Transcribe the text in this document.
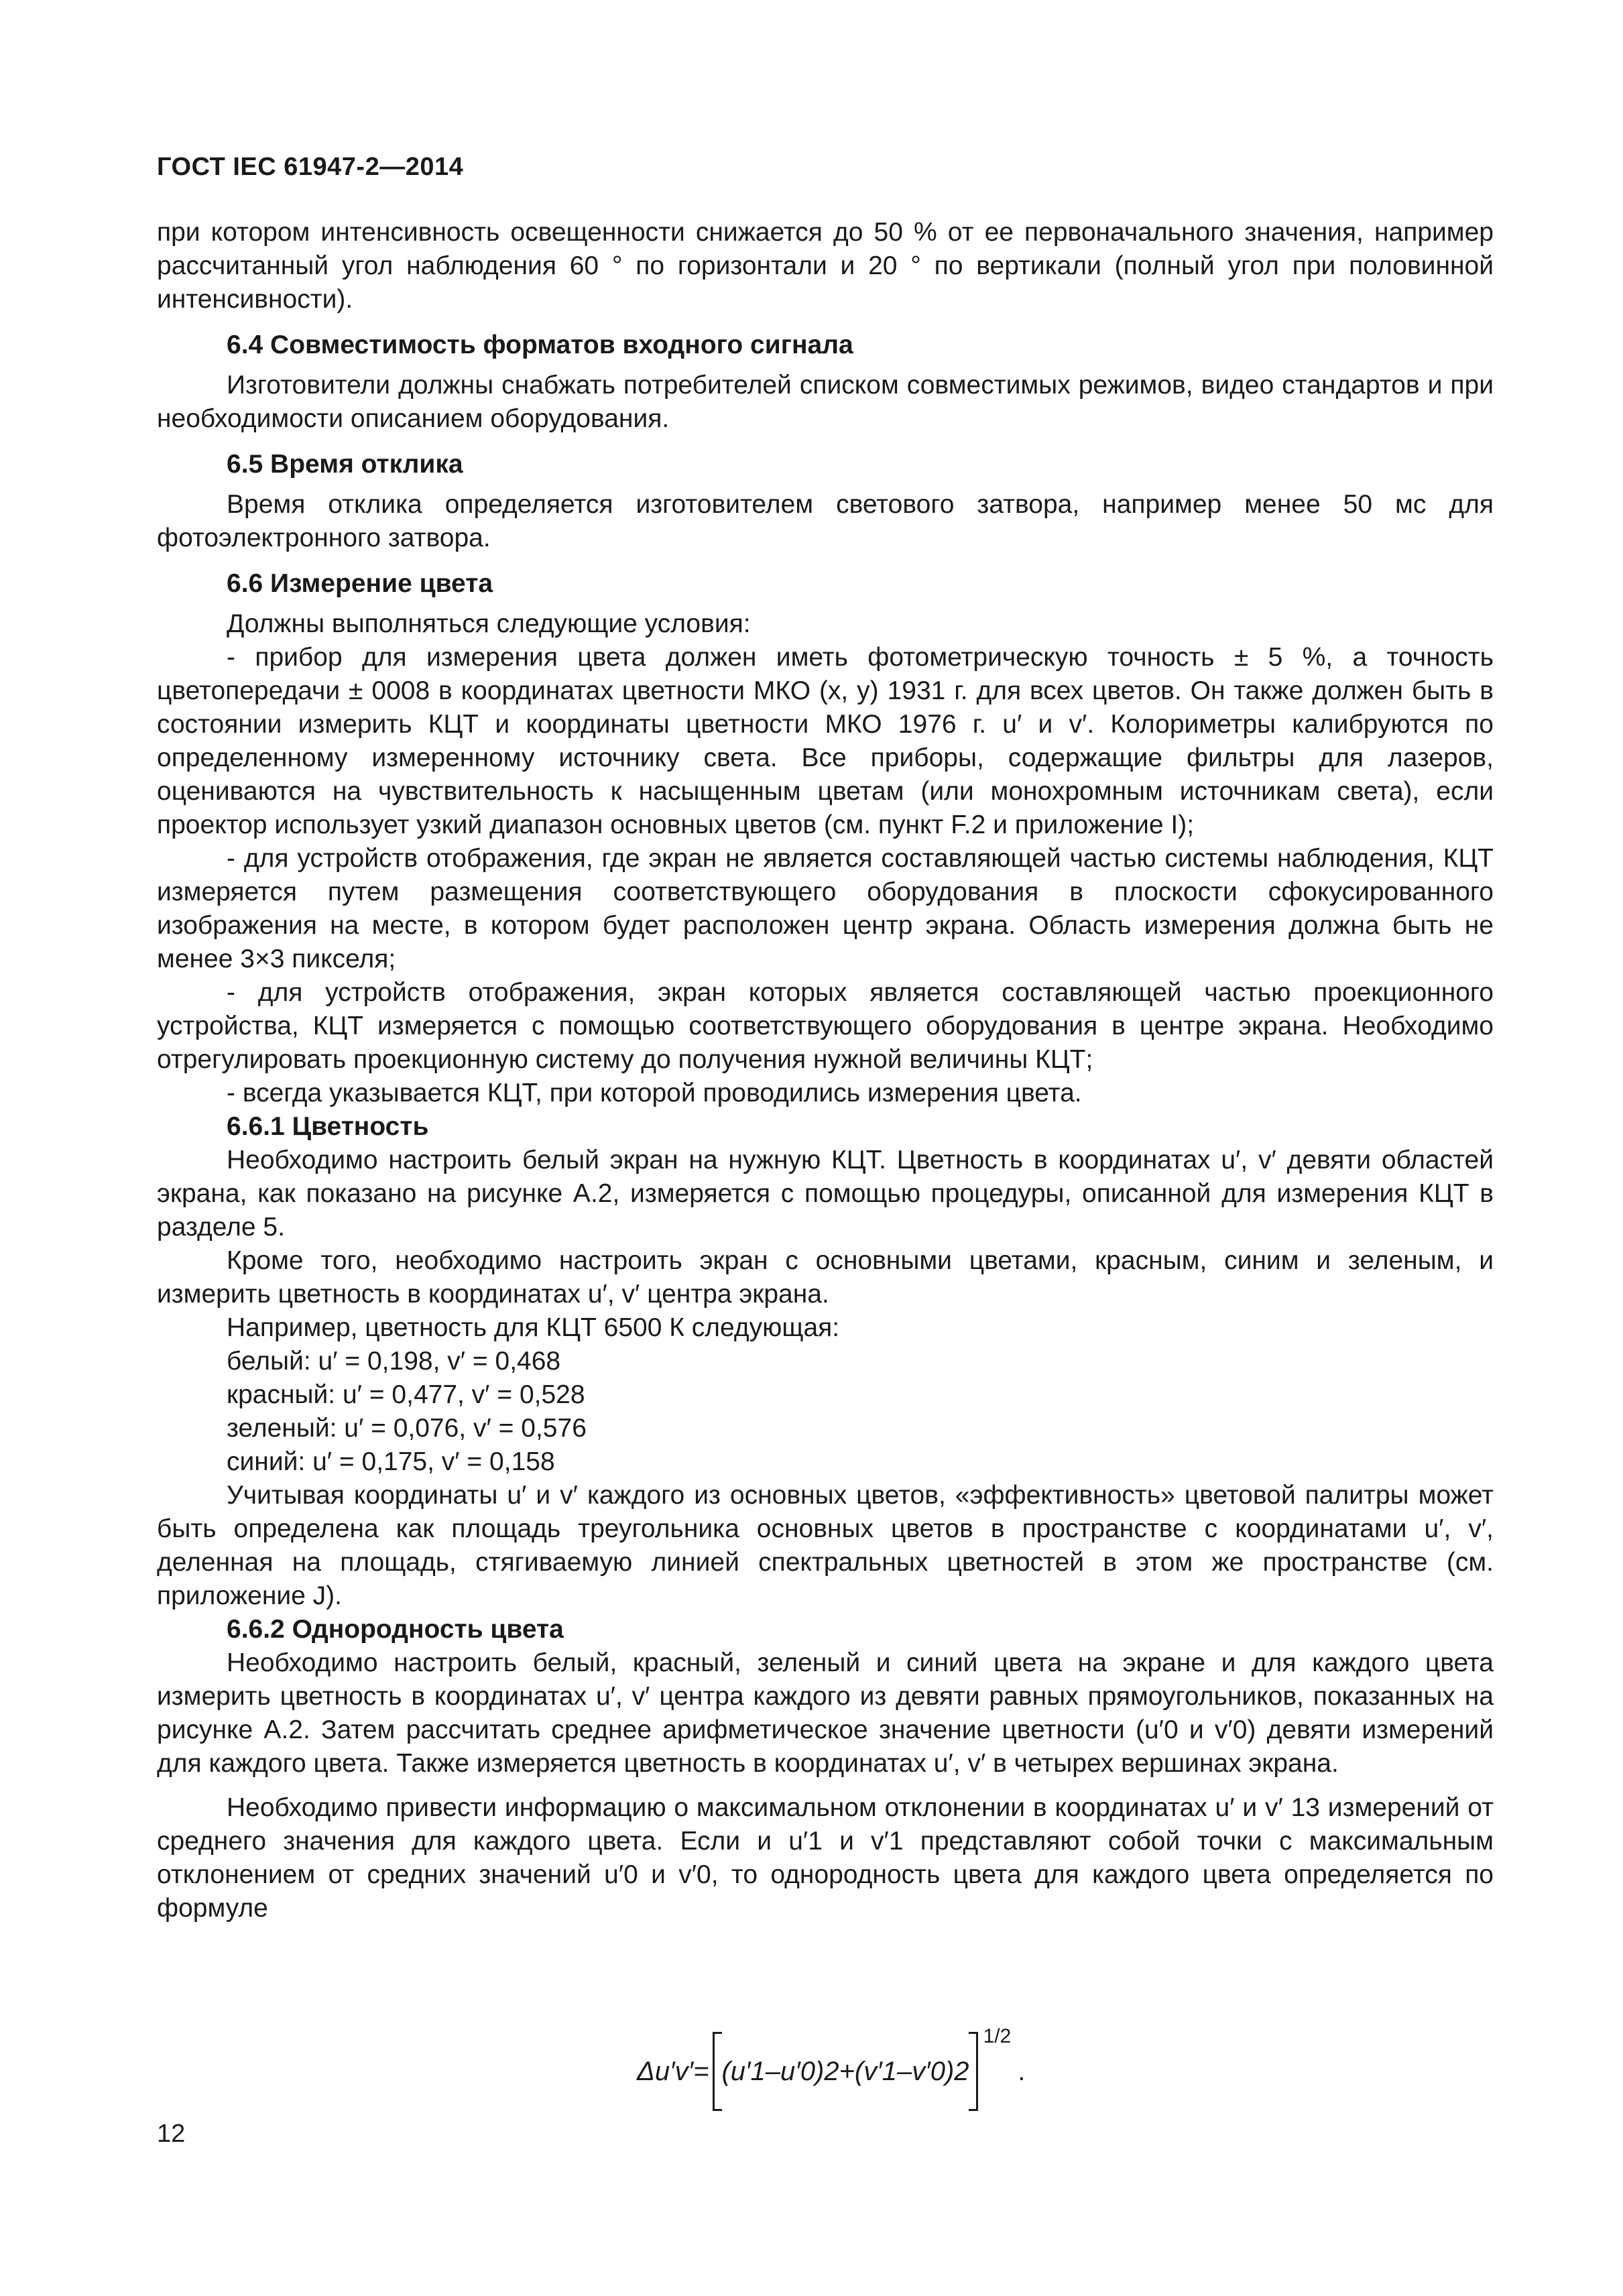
ГОСТ IEC 61947-2—2014

при котором интенсивность освещенности снижается до 50 % от ее первоначального значения, например рассчитанный угол наблюдения 60 ° по горизонтали и 20 ° по вертикали (полный угол при половинной интенсивности).

6.4 Совместимость форматов входного сигнала

Изготовители должны снабжать потребителей списком совместимых режимов, видео стандартов и при необходимости описанием оборудования.

6.5 Время отклика

Время отклика определяется изготовителем светового затвора, например менее 50 мс для фотоэлектронного затвора.

6.6 Измерение цвета

Должны выполняться следующие условия:

- прибор для измерения цвета должен иметь фотометрическую точность ± 5 %, а точность цветопередачи ± 0008 в координатах цветности МКО (x, y) 1931 г. для всех цветов. Он также должен быть в состоянии измерить КЦТ и координаты цветности МКО 1976 г. u′ и v′. Колориметры калибруются по определенному измеренному источнику света. Все приборы, содержащие фильтры для лазеров, оцениваются на чувствительность к насыщенным цветам (или монохромным источникам света), если проектор использует узкий диапазон основных цветов (см. пункт F.2 и приложение I);

- для устройств отображения, где экран не является составляющей частью системы наблюдения, КЦТ измеряется путем размещения соответствующего оборудования в плоскости сфокусированного изображения на месте, в котором будет расположен центр экрана. Область измерения должна быть не менее 3×3 пикселя;

- для устройств отображения, экран которых является составляющей частью проекционного устройства, КЦТ измеряется с помощью соответствующего оборудования в центре экрана. Необходимо отрегулировать проекционную систему до получения нужной величины КЦТ;

- всегда указывается КЦТ, при которой проводились измерения цвета.

6.6.1 Цветность

Необходимо настроить белый экран на нужную КЦТ. Цветность в координатах u′, v′ девяти областей экрана, как показано на рисунке А.2, измеряется с помощью процедуры, описанной для измерения КЦТ в разделе 5.

Кроме того, необходимо настроить экран с основными цветами, красным, синим и зеленым, и измерить цветность в координатах u′, v′ центра экрана.

Например, цветность для КЦТ 6500 К следующая:

белый: u′ = 0,198, v′ = 0,468

красный: u′ = 0,477, v′ = 0,528

зеленый: u′ = 0,076, v′ = 0,576

синий: u′ = 0,175, v′ = 0,158

Учитывая координаты u′ и v′ каждого из основных цветов, «эффективность» цветовой палитры может быть определена как площадь треугольника основных цветов в пространстве с координатами u′, v′, деленная на площадь, стягиваемую линией спектральных цветностей в этом же пространстве (см. приложение J).

6.6.2 Однородность цвета

Необходимо настроить белый, красный, зеленый и синий цвета на экране и для каждого цвета измерить цветность в координатах u′, v′ центра каждого из девяти равных прямоугольников, показанных на рисунке А.2. Затем рассчитать среднее арифметическое значение цветности (u′0 и v′0) девяти измерений для каждого цвета. Также измеряется цветность в координатах u′, v′ в четырех вершинах экрана.

Необходимо привести информацию о максимальном отклонении в координатах u′ и v′ 13 измерений от среднего значения для каждого цвета. Если и u′1 и v′1 представляют собой точки с максимальным отклонением от средних значений u′0 и v′0, то однородность цвета для каждого цвета определяется по формуле

Δu′v′= (u′1–u′0)2+(v′1–v′0)2
1/2
.
12
